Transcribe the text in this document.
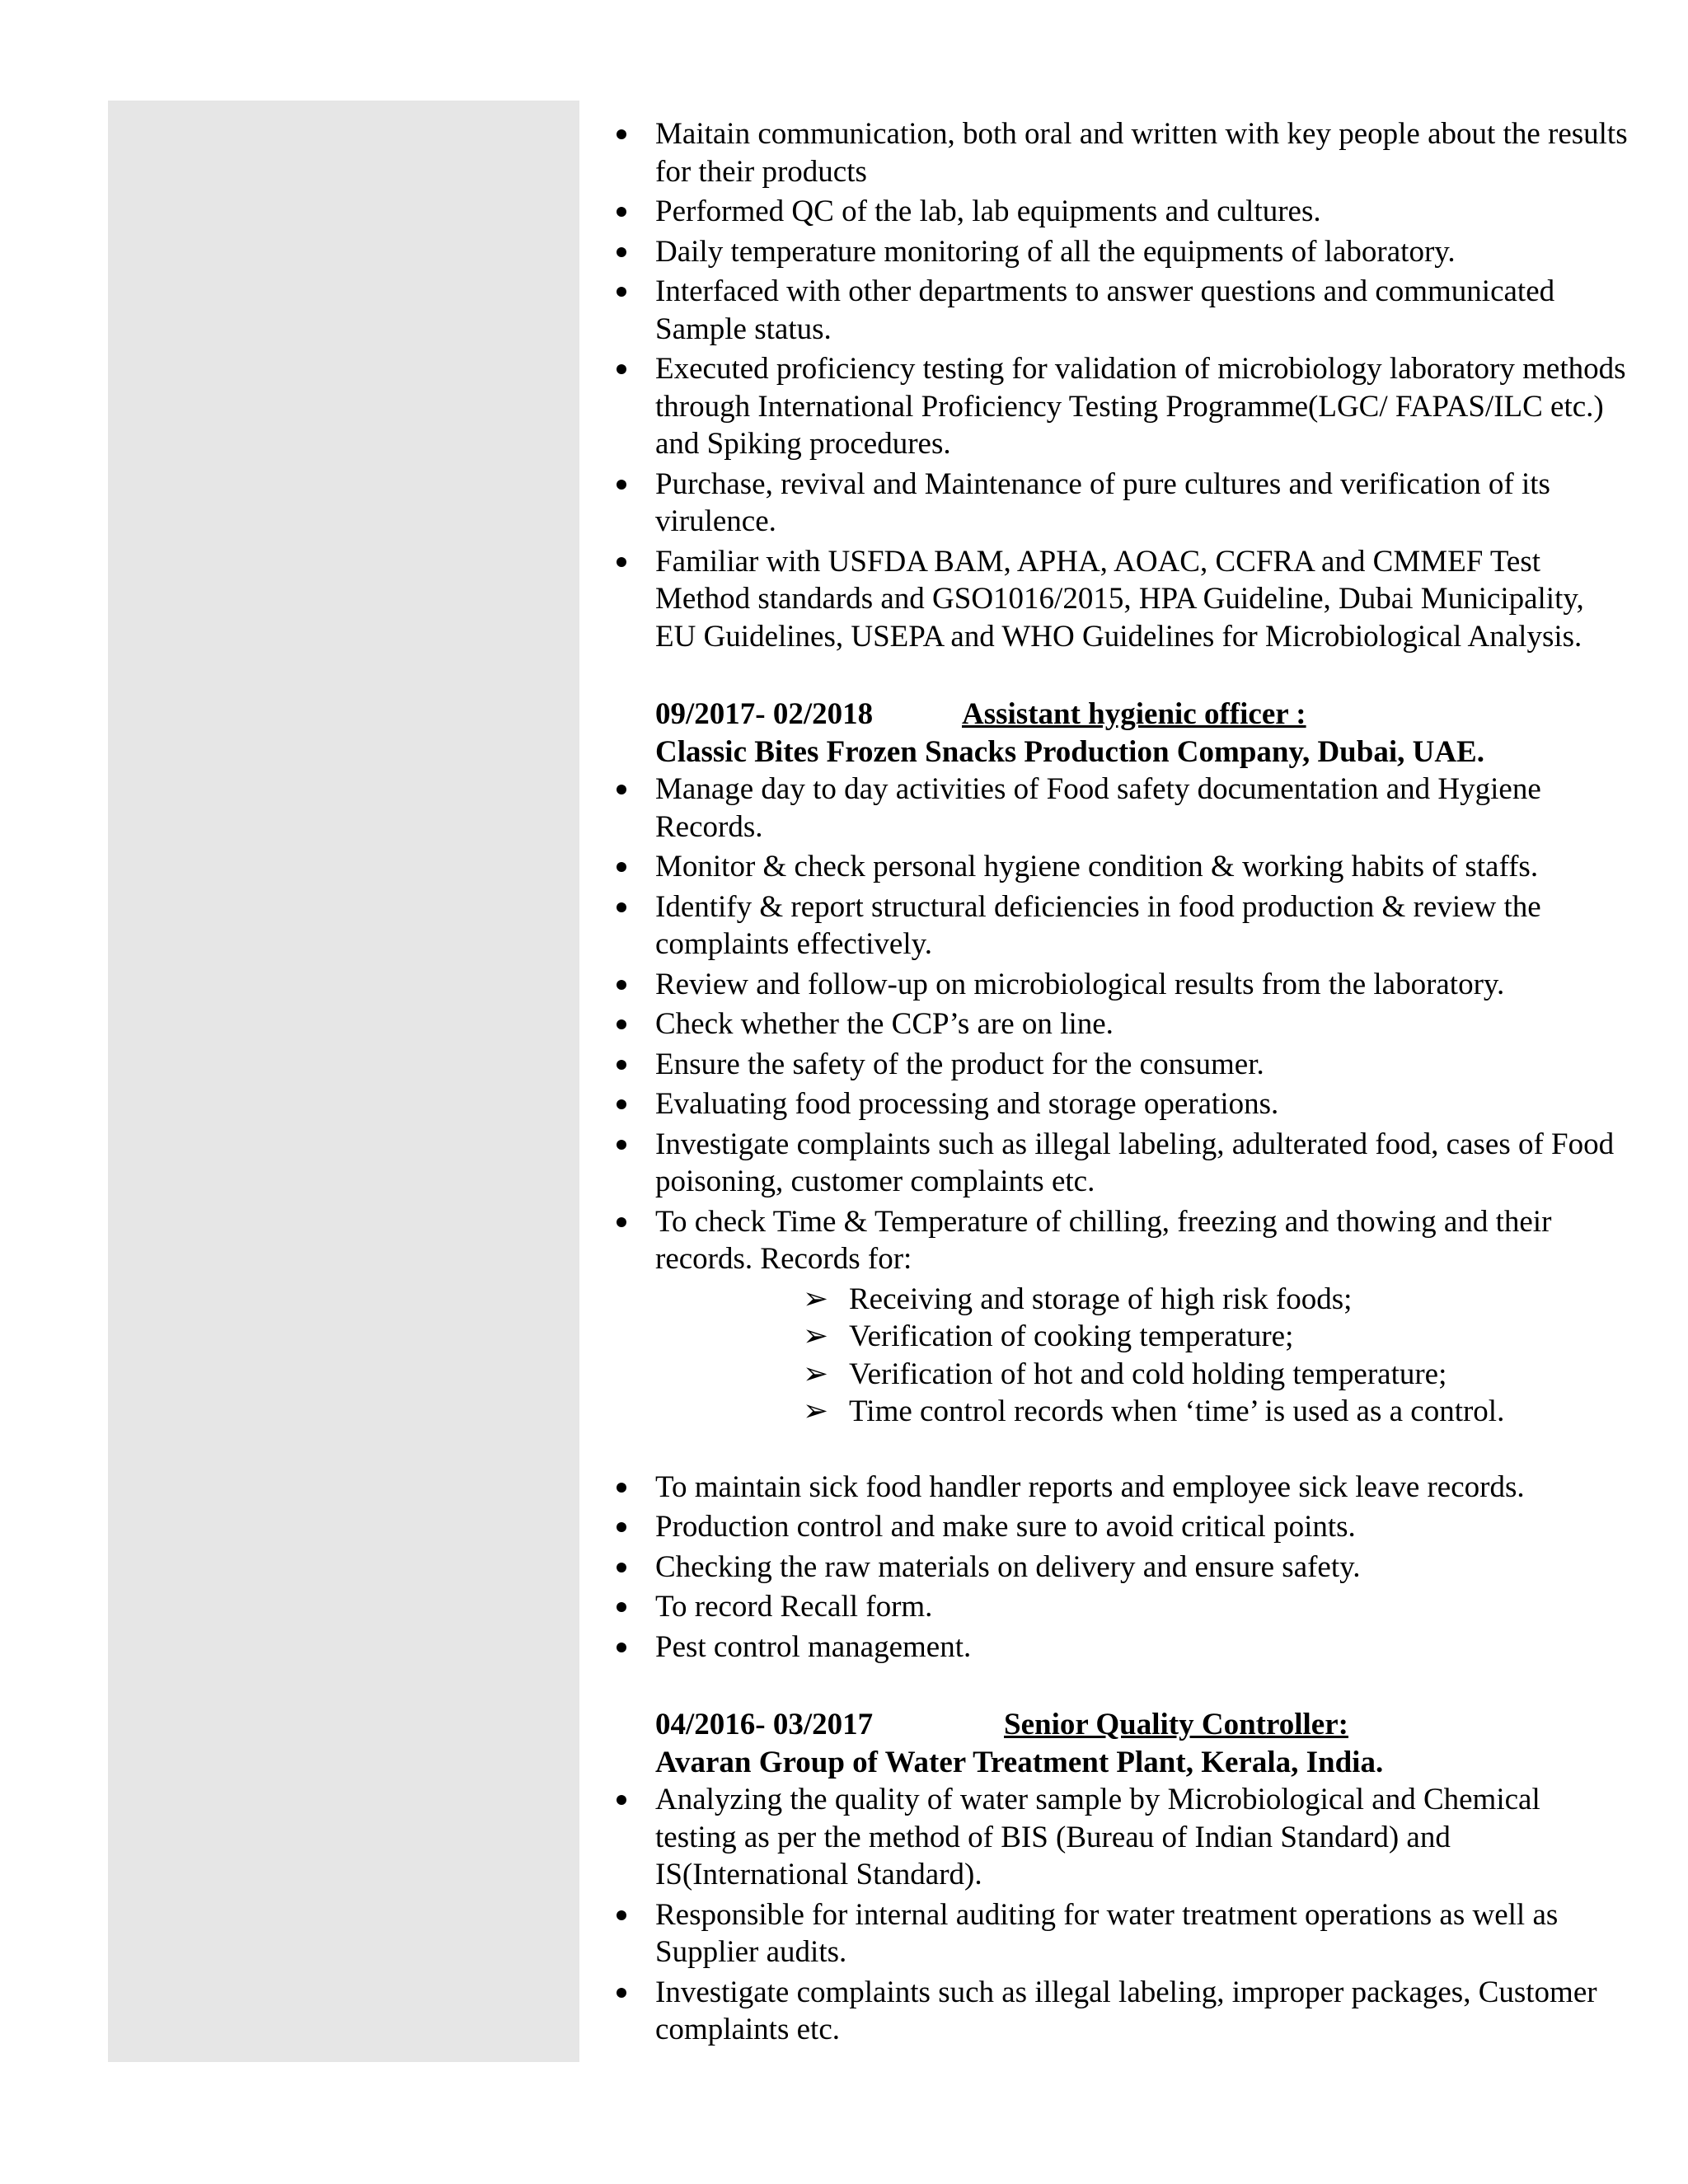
Maitain communication, both oral and written with key people about the results for their products
Performed QC of the lab, lab equipments and cultures.
Daily temperature monitoring of all the equipments of laboratory.
Interfaced with other departments to answer questions and communicated Sample status.
Executed proficiency testing for validation of microbiology laboratory methods through International Proficiency Testing Programme(LGC/ FAPAS/ILC etc.) and Spiking procedures.
Purchase, revival and Maintenance of pure cultures and verification of its virulence.
Familiar with USFDA BAM, APHA, AOAC, CCFRA and CMMEF Test Method standards and GSO1016/2015, HPA Guideline, Dubai Municipality, EU Guidelines, USEPA and WHO Guidelines for Microbiological Analysis.
09/2017- 02/2018	Assistant hygienic officer :
Classic Bites Frozen Snacks Production Company, Dubai, UAE.
Manage day to day activities of Food safety documentation and Hygiene Records.
Monitor & check personal hygiene condition & working habits of staffs.
Identify & report structural deficiencies in food production & review the complaints effectively.
Review and follow-up on microbiological results from the laboratory.
Check whether the CCP’s are on line.
Ensure the safety of the product for the consumer.
Evaluating food processing and storage operations.
Investigate complaints such as illegal labeling, adulterated food, cases of Food poisoning, customer complaints etc.
To check Time & Temperature of chilling, freezing and thowing and their records. Records for:
➢ Receiving and storage of high risk foods;
➢ Verification of cooking temperature;
➢ Verification of hot and cold holding temperature;
➢ Time control records when ‘time’ is used as a control.
To maintain sick food handler reports and employee sick leave records.
Production control and make sure to avoid critical points.
Checking the raw materials on delivery and ensure safety.
To record Recall form.
Pest control management.
04/2016- 03/2017	Senior Quality Controller:
Avaran Group of Water Treatment Plant, Kerala, India.
Analyzing the quality of water sample by Microbiological and Chemical testing as per the method of BIS (Bureau of Indian Standard) and IS(International Standard).
Responsible for internal auditing for water treatment operations as well as Supplier audits.
Investigate complaints such as illegal labeling, improper packages, Customer complaints etc.
